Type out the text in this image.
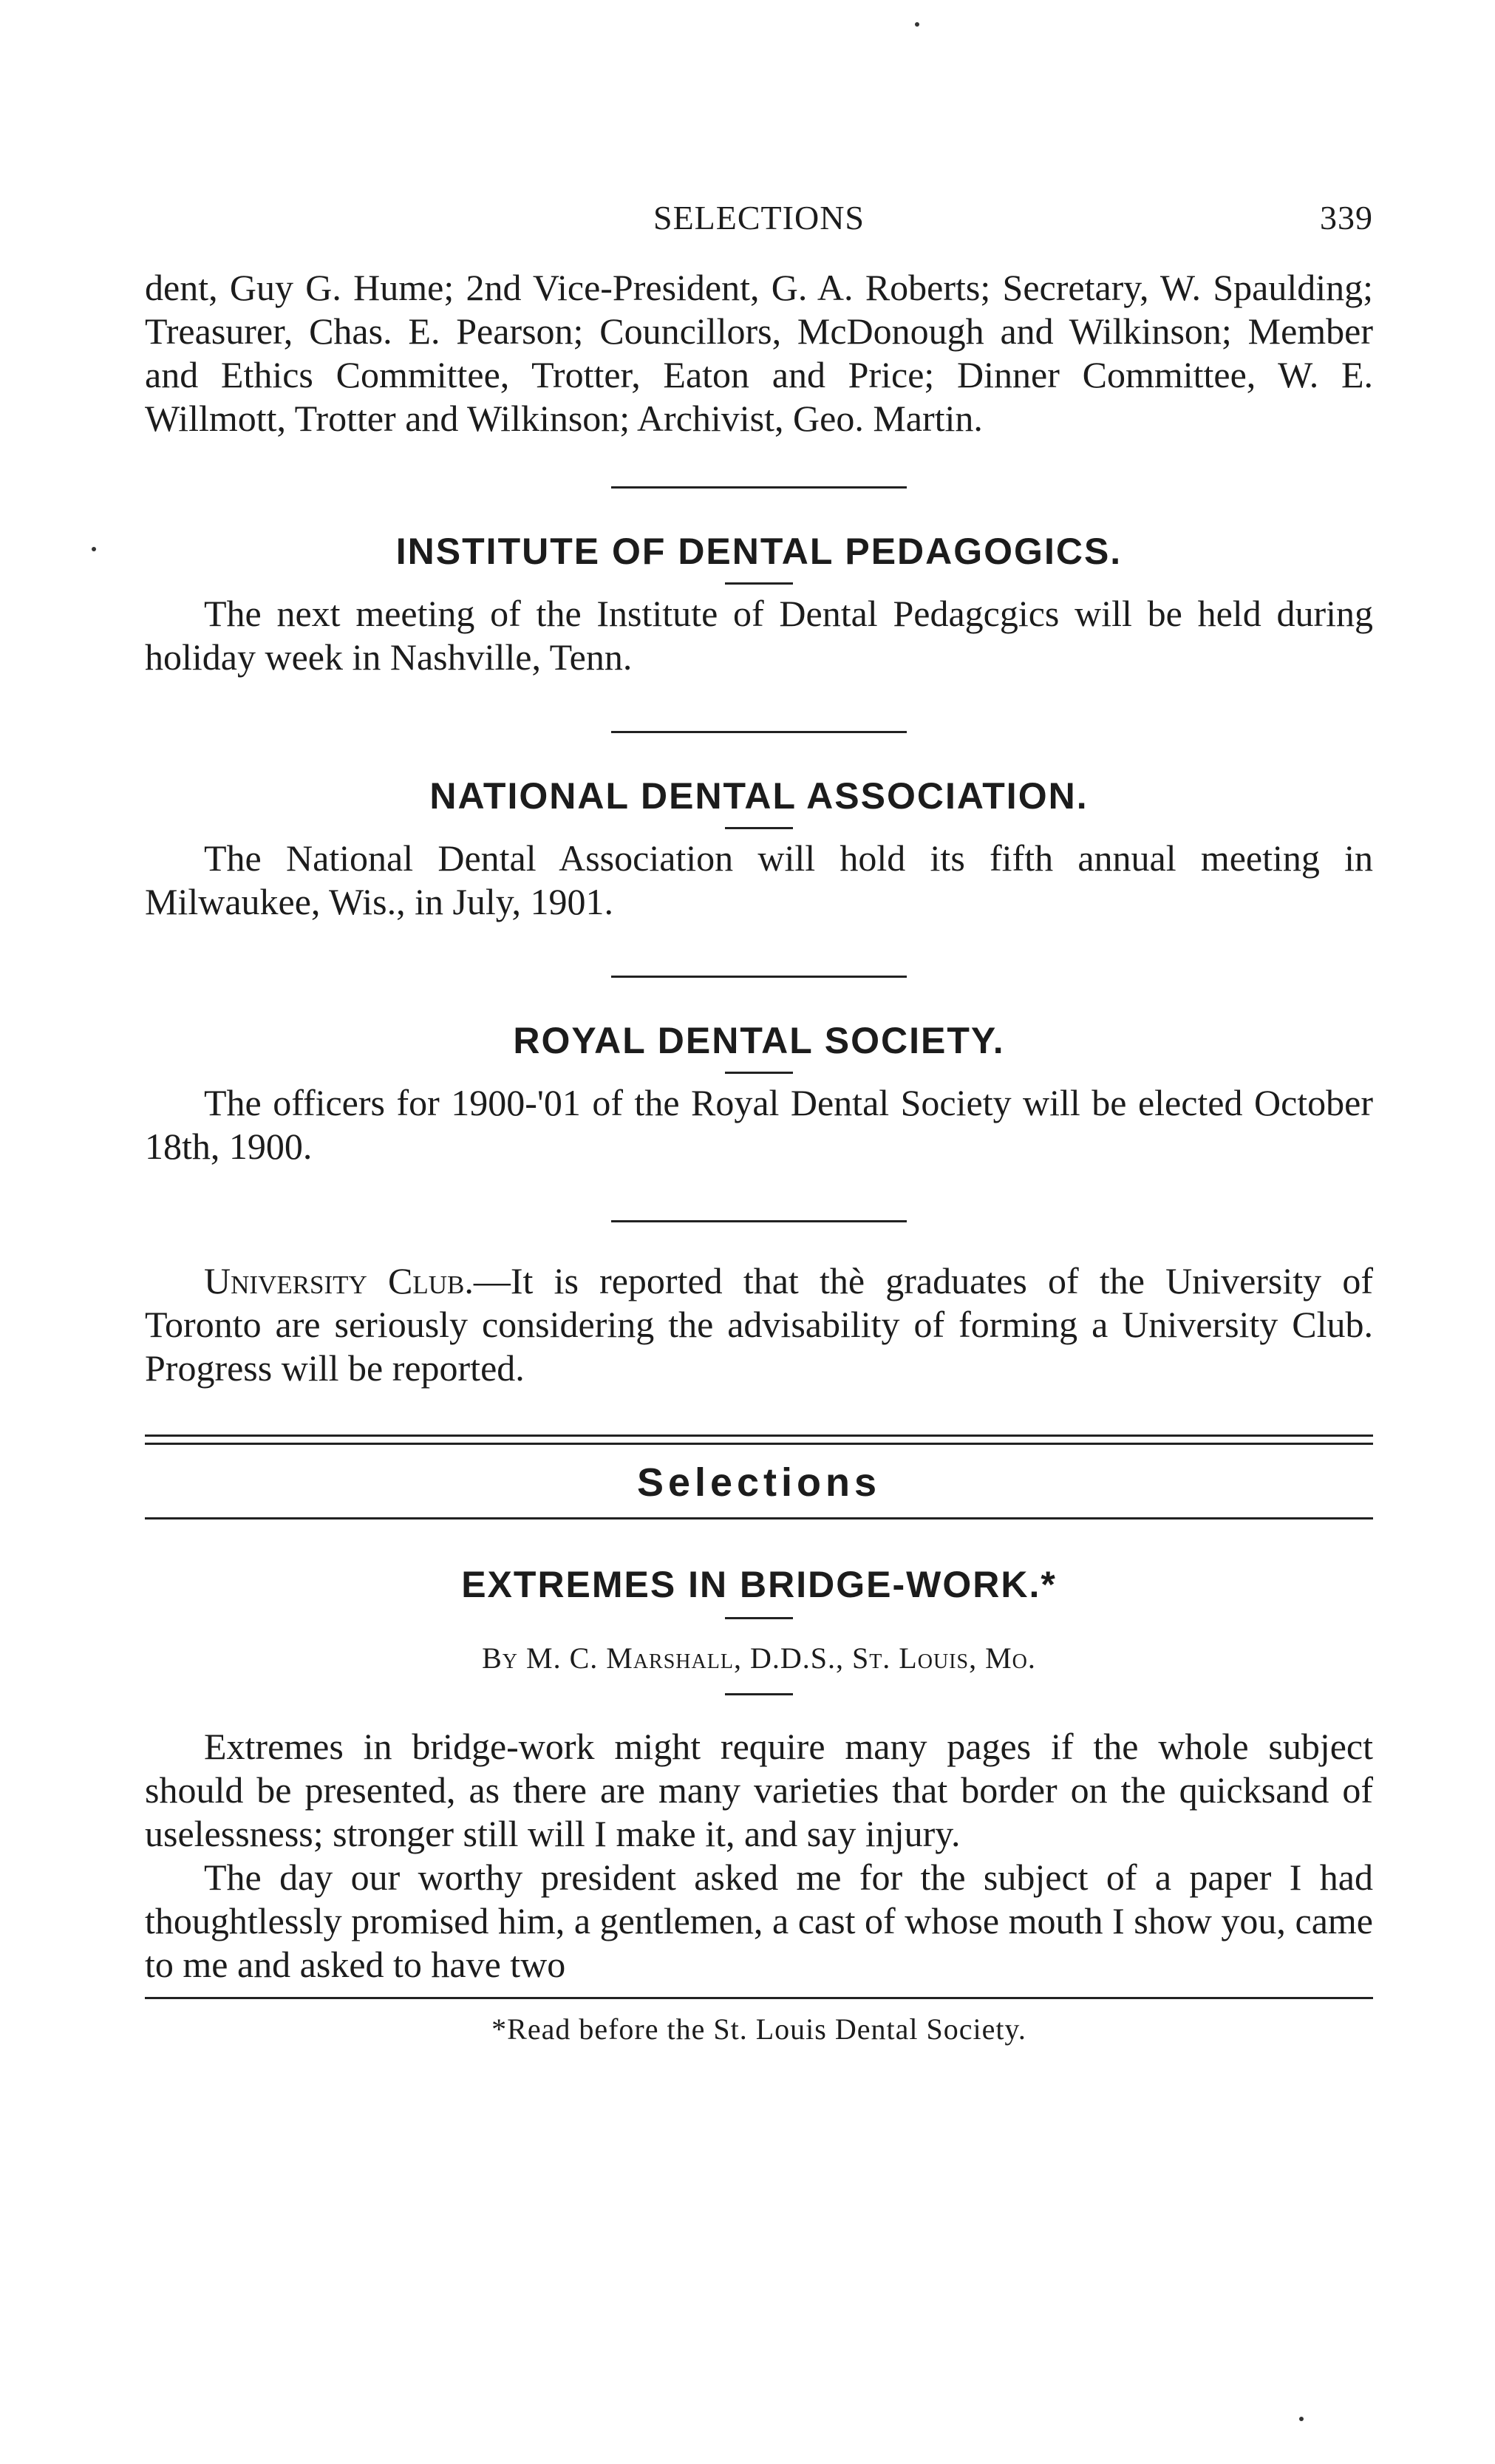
SELECTIONS	339

dent, Guy G. Hume; 2nd Vice-President, G. A. Roberts; Secretary, W. Spaulding; Treasurer, Chas. E. Pearson; Councillors, McDonough and Wilkinson; Member and Ethics Committee, Trotter, Eaton and Price; Dinner Committee, W. E. Willmott, Trotter and Wilkinson; Archivist, Geo. Martin.

INSTITUTE OF DENTAL PEDAGOGICS.

The next meeting of the Institute of Dental Pedagcgics will be held during holiday week in Nashville, Tenn.

NATIONAL DENTAL ASSOCIATION.

The National Dental Association will hold its fifth annual meeting in Milwaukee, Wis., in July, 1901.

ROYAL DENTAL SOCIETY.

The officers for 1900-'01 of the Royal Dental Society will be elected October 18th, 1900.

University Club.—It is reported that thè graduates of the University of Toronto are seriously considering the advisability of forming a University Club. Progress will be reported.

Selections
EXTREMES IN BRIDGE-WORK.*
By M. C. Marshall, D.D.S., St. Louis, Mo.

Extremes in bridge-work might require many pages if the whole subject should be presented, as there are many varieties that border on the quicksand of uselessness; stronger still will I make it, and say injury.

The day our worthy president asked me for the subject of a paper I had thoughtlessly promised him, a gentlemen, a cast of whose mouth I show you, came to me and asked to have two

*Read before the St. Louis Dental Society.
